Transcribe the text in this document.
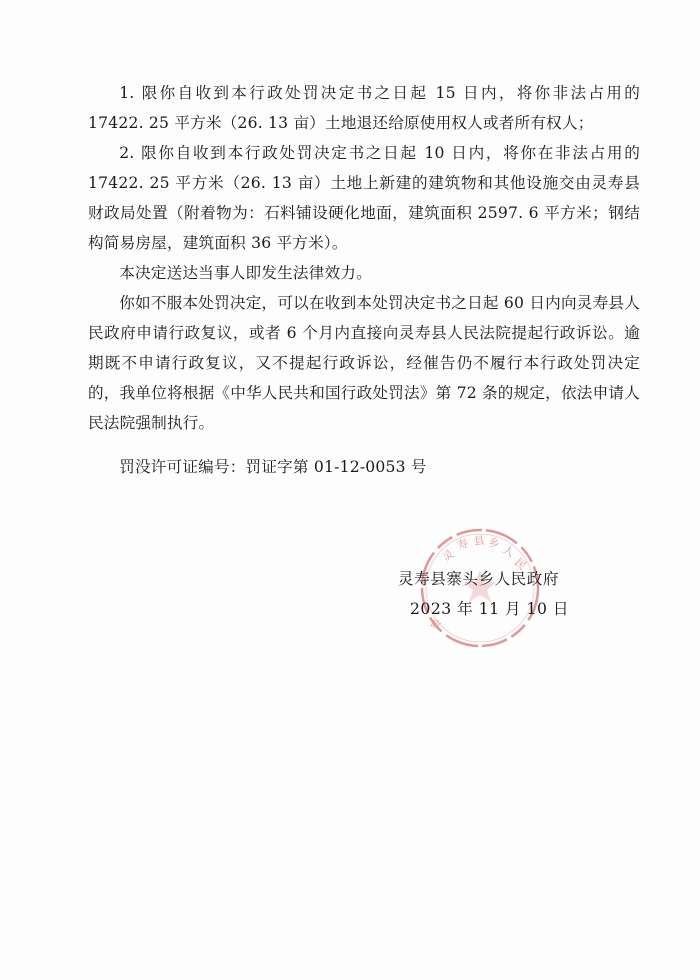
1. 限你自收到本行政处罚决定书之日起 15 日内，将你非法占用的 17422. 25 平方米（26. 13 亩）土地退还给原使用权人或者所有权人；

2. 限你自收到本行政处罚决定书之日起 10 日内，将你在非法占用的 17422. 25 平方米（26. 13 亩）土地上新建的建筑物和其他设施交由灵寿县财政局处置（附着物为：石料铺设硬化地面，建筑面积 2597. 6 平方米；钢结构简易房屋，建筑面积 36 平方米）。

本决定送达当事人即发生法律效力。

你如不服本处罚决定，可以在收到本处罚决定书之日起 60 日内向灵寿县人民政府申请行政复议，或者 6 个月内直接向灵寿县人民法院提起行政诉讼。逾期既不申请行政复议，又不提起行政诉讼，经催告仍不履行本行政处罚决定的，我单位将根据《中华人民共和国行政处罚法》第 72 条的规定，依法申请人民法院强制执行。

罚没许可证编号：罚证字第 01-12-0053 号

灵
寿 县 乡 人
民
政
灵寿县寨头乡人民政府
2023 年 11 月 10 日
